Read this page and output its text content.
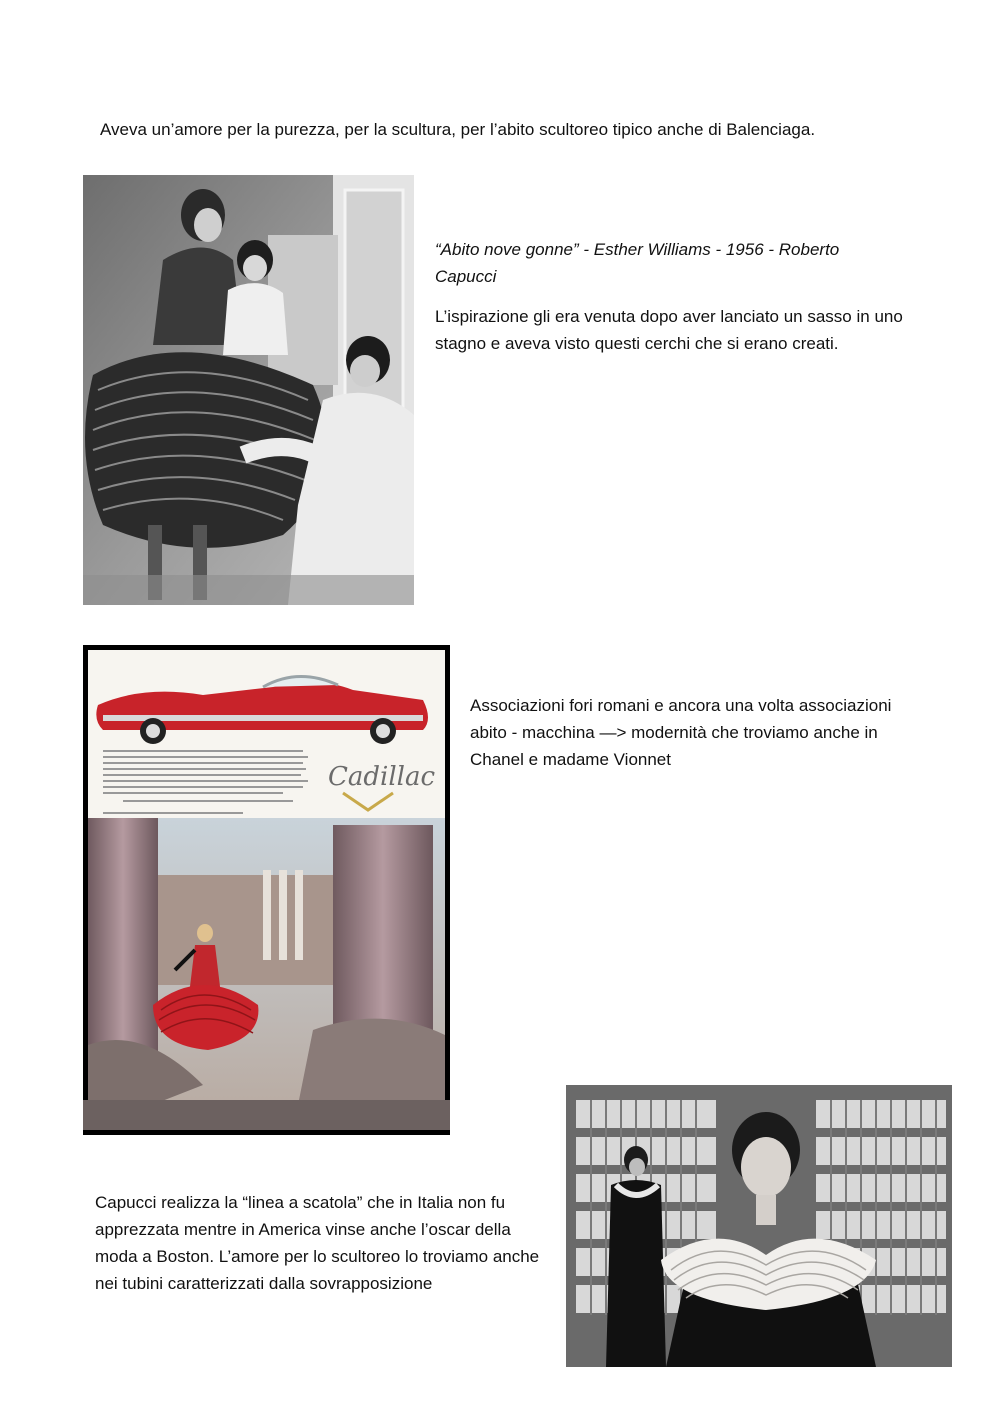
Aveva un’amore per la purezza, per la scultura, per l’abito scultoreo tipico anche di Balenciaga.
“Abito nove gonne” - Esther Williams - 1956 - Roberto Capucci
L’ispirazione gli era venuta dopo aver lanciato un sasso in uno stagno e aveva visto questi cerchi che si erano creati.
Cadillac
Associazioni fori romani e ancora una volta associazioni abito - macchina —> modernità che troviamo anche in Chanel e madame Vionnet
Capucci realizza la “linea a scatola” che in Italia non fu apprezzata mentre in America vinse anche l’oscar della moda a Boston. L’amore per lo scultoreo lo troviamo anche nei tubini caratterizzati dalla sovrapposizione
